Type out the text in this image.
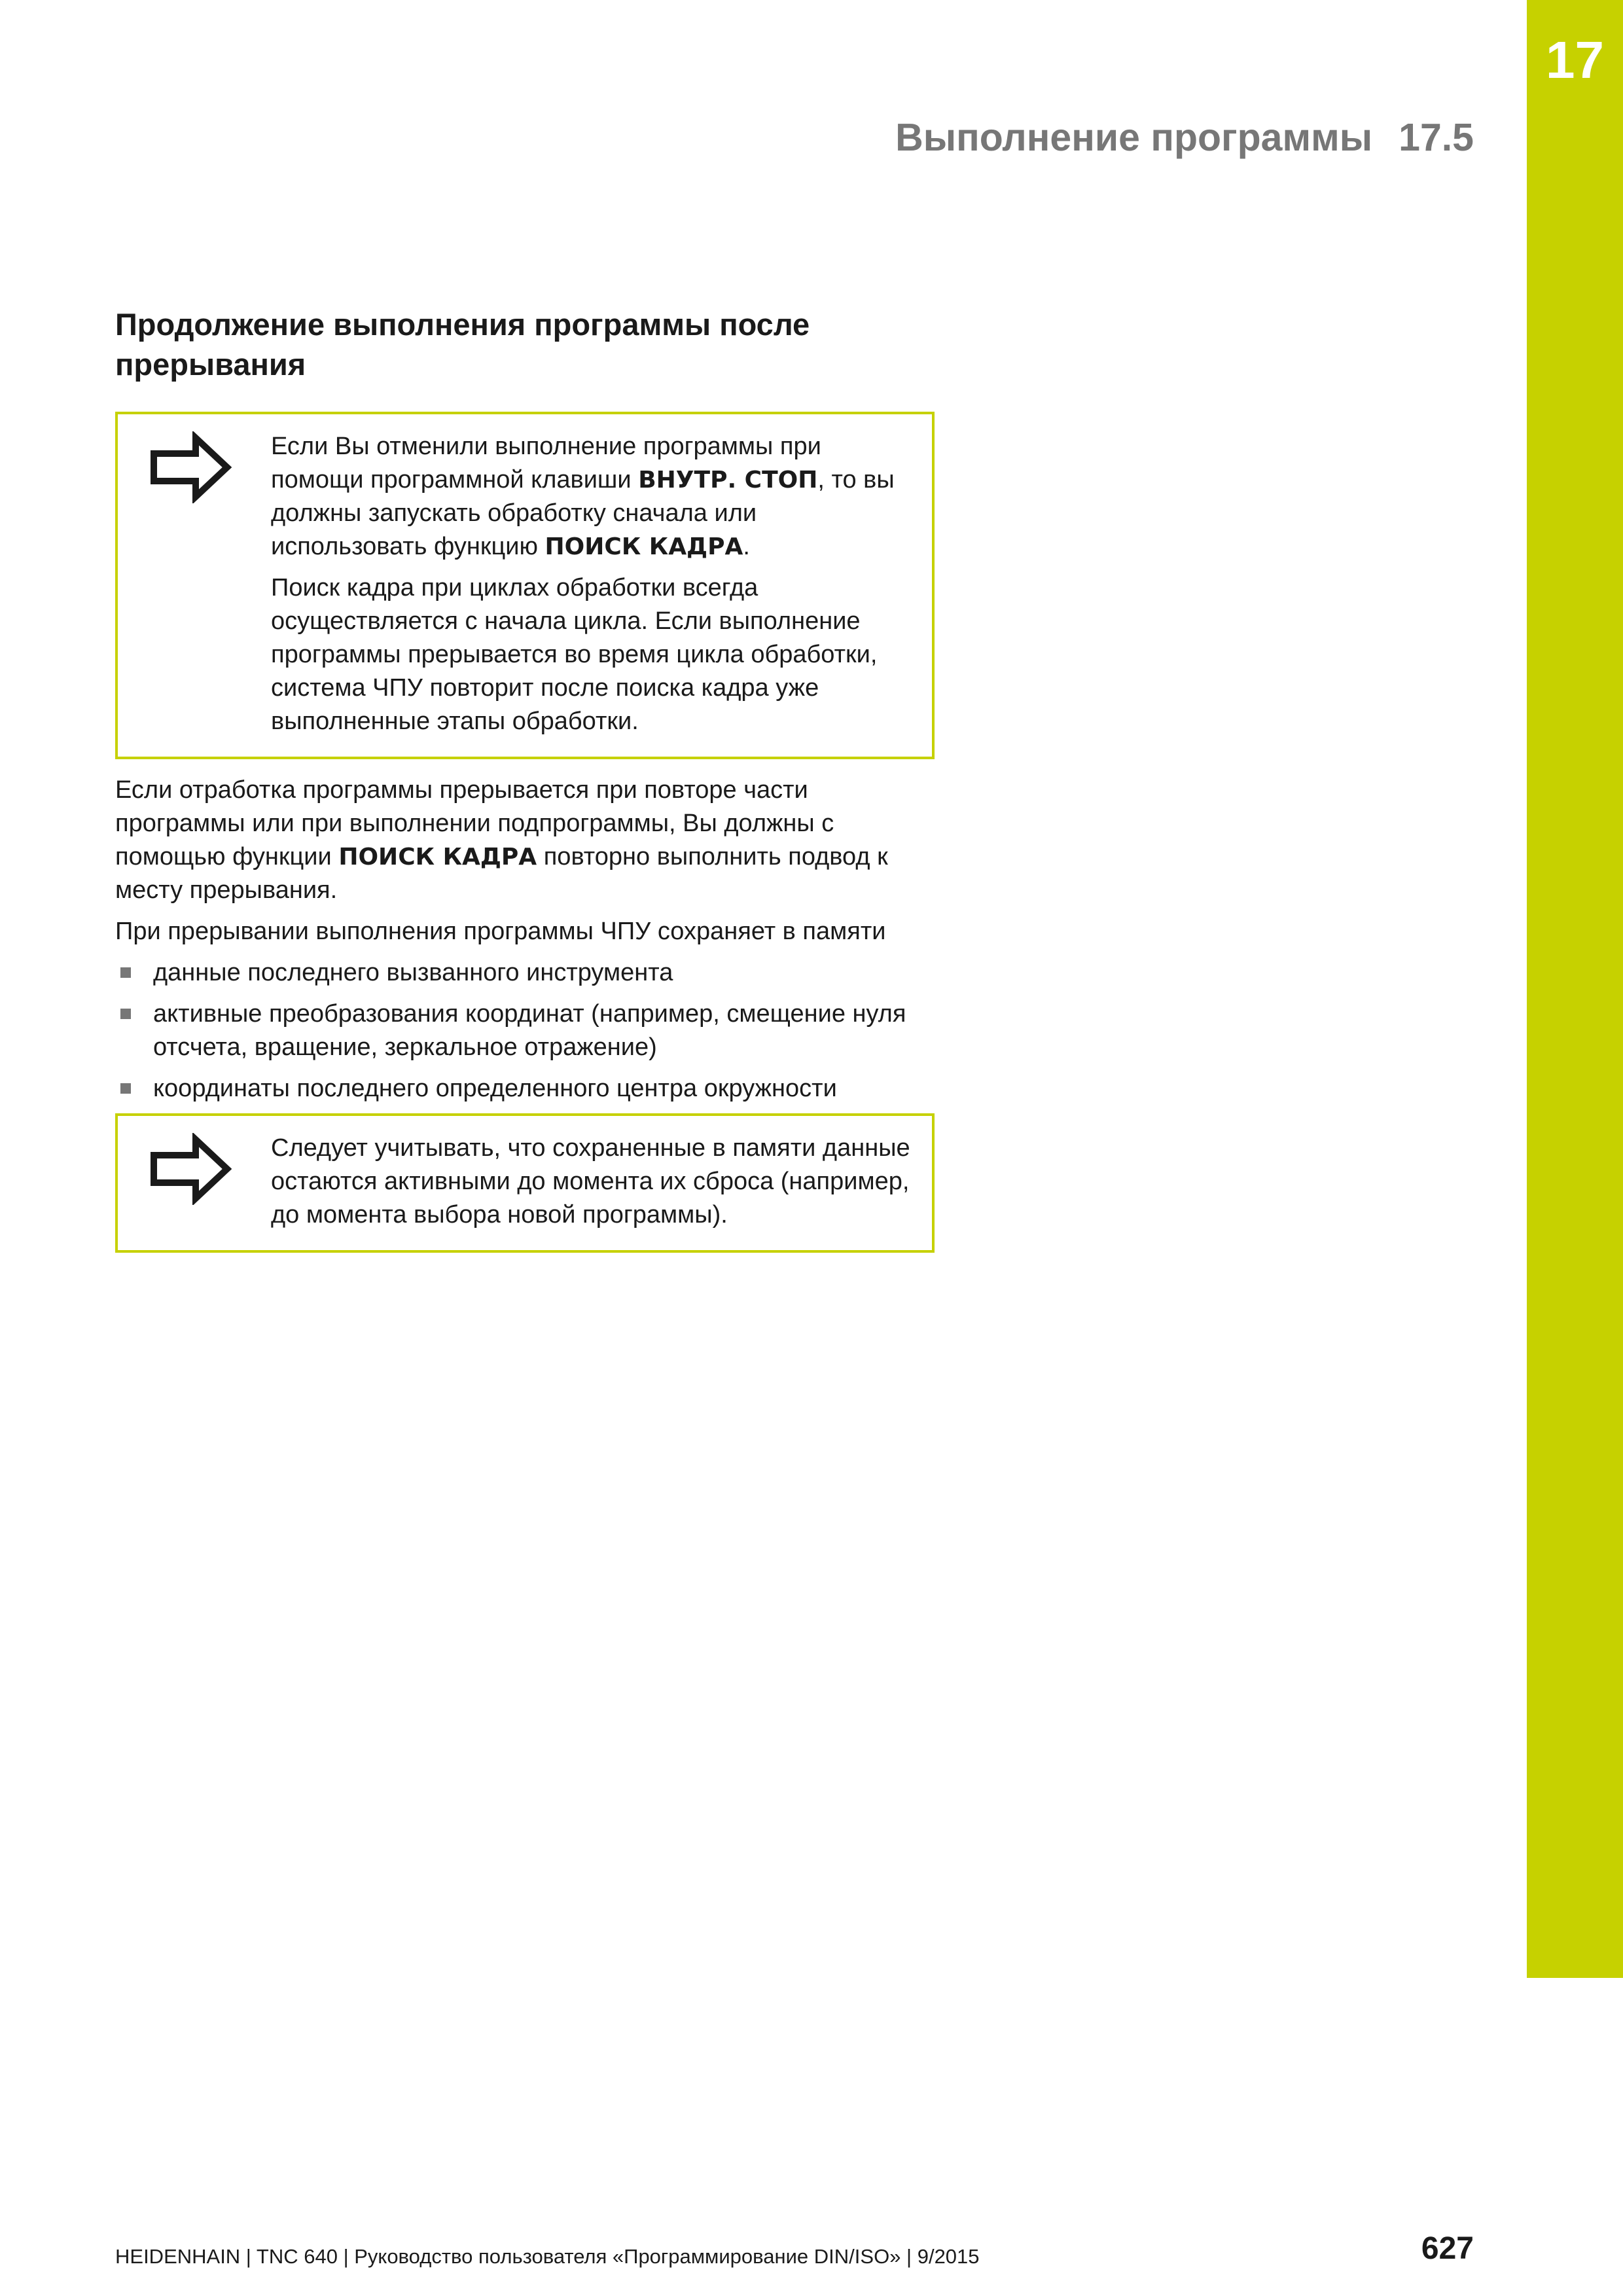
17
Выполнение программы 17.5
Продолжение выполнения программы после
прерывания

Если Вы отменили выполнение программы при помощи программной клавиши ВНУТР. СТОП, то вы должны запускать обработку сначала или использовать функцию ПОИСК КАДРА.

Поиск кадра при циклах обработки всегда осуществляется с начала цикла. Если выполнение программы прерывается во время цикла обработки, система ЧПУ повторит после поиска кадра уже выполненные этапы обработки.

Если отработка программы прерывается при повторе части программы или при выполнении подпрограммы, Вы должны с помощью функции ПОИСК КАДРА повторно выполнить подвод к месту прерывания.

При прерывании выполнения программы ЧПУ сохраняет в памяти

данные последнего вызванного инструмента
активные преобразования координат (например, смещение нуля отсчета, вращение, зеркальное отражение)
координаты последнего определенного центра окружности

Следует учитывать, что сохраненные в памяти данные остаются активными до момента их сброса (например, до момента выбора новой программы).

HEIDENHAIN | TNC 640 | Руководство пользователя «Программирование DIN/ISO» | 9/2015	627
